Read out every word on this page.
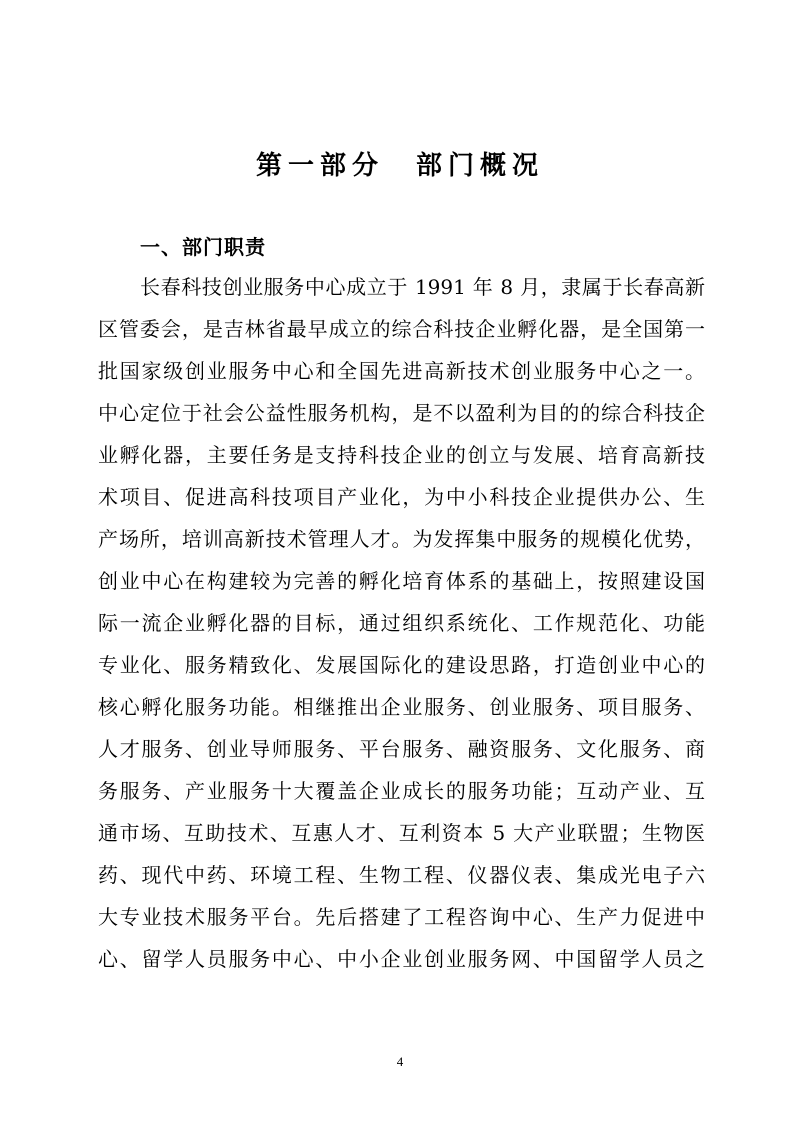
第一部分　部门概况
一、部门职责
长春科技创业服务中心成立于 1991 年 8 月，隶属于长春高新
区管委会，是吉林省最早成立的综合科技企业孵化器，是全国第一
批国家级创业服务中心和全国先进高新技术创业服务中心之一。
中心定位于社会公益性服务机构，是不以盈利为目的的综合科技企
业孵化器，主要任务是支持科技企业的创立与发展、培育高新技
术项目、促进高科技项目产业化，为中小科技企业提供办公、生
产场所，培训高新技术管理人才。为发挥集中服务的规模化优势，
创业中心在构建较为完善的孵化培育体系的基础上，按照建设国
际一流企业孵化器的目标，通过组织系统化、工作规范化、功能
专业化、服务精致化、发展国际化的建设思路，打造创业中心的
核心孵化服务功能。相继推出企业服务、创业服务、项目服务、
人才服务、创业导师服务、平台服务、融资服务、文化服务、商
务服务、产业服务十大覆盖企业成长的服务功能；互动产业、互
通市场、互助技术、互惠人才、互利资本 5 大产业联盟；生物医
药、现代中药、环境工程、生物工程、仪器仪表、集成光电子六
大专业技术服务平台。先后搭建了工程咨询中心、生产力促进中
心、留学人员服务中心、中小企业创业服务网、中国留学人员之
4
